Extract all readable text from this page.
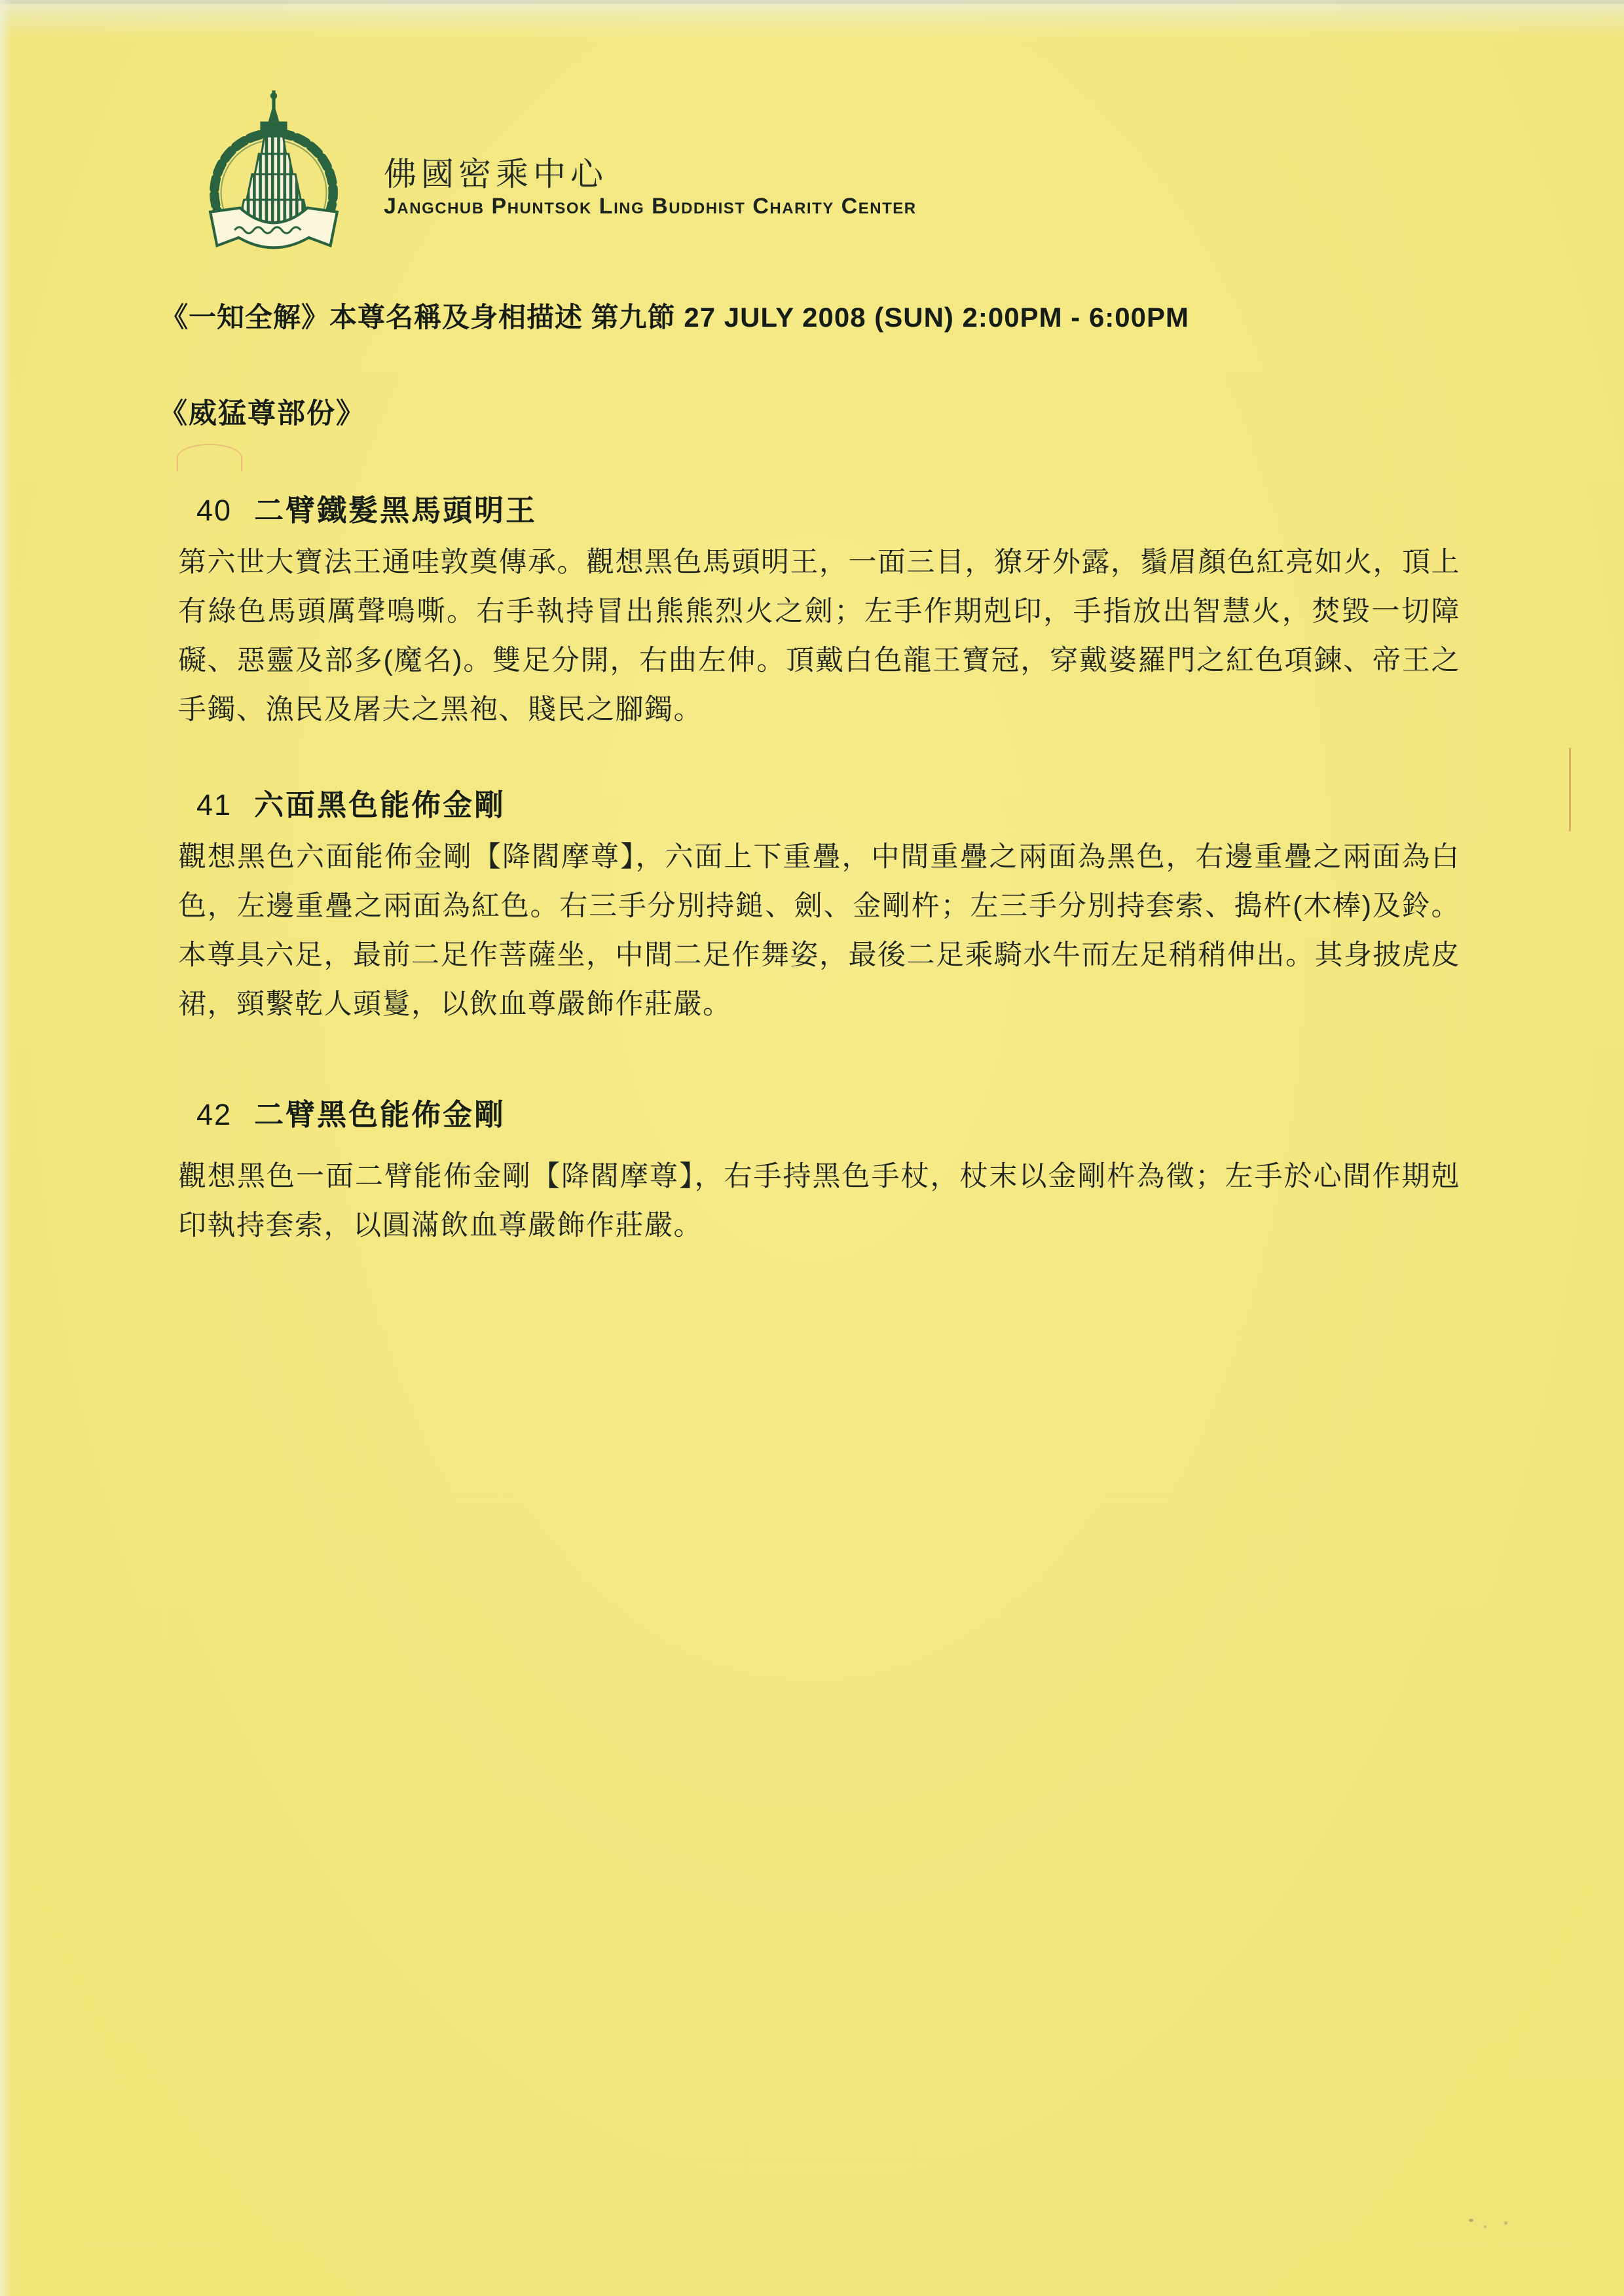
佛國密乘中心
Jangchub Phuntsok Ling Buddhist Charity Center
《一知全解》本尊名稱及身相描述 第九節 27 JULY 2008 (SUN) 2:00PM - 6:00PM
《威猛尊部份》
40 二臂鐵髮黑馬頭明王
第六世大寶法王通哇敦奠傳承。觀想黑色馬頭明王，一面三目，獠牙外露，鬚眉顏色紅亮如火，頂上有綠色馬頭厲聲鳴嘶。右手執持冒出熊熊烈火之劍；左手作期剋印，手指放出智慧火，焚毀一切障礙、惡靈及部多(魔名)。雙足分開，右曲左伸。頂戴白色龍王寶冠，穿戴婆羅門之紅色項鍊、帝王之手鐲、漁民及屠夫之黑袍、賤民之腳鐲。
41 六面黑色能佈金剛
觀想黑色六面能佈金剛【降閻摩尊】，六面上下重疊，中間重疊之兩面為黑色，右邊重疊之兩面為白色，左邊重疊之兩面為紅色。右三手分別持鎚、劍、金剛杵；左三手分別持套索、搗杵(木棒)及鈴。本尊具六足，最前二足作菩薩坐，中間二足作舞姿，最後二足乘騎水牛而左足稍稍伸出。其身披虎皮裙，頸繫乾人頭鬘，以飲血尊嚴飾作莊嚴。
42 二臂黑色能佈金剛
觀想黑色一面二臂能佈金剛【降閻摩尊】，右手持黑色手杖，杖末以金剛杵為徵；左手於心間作期剋印執持套索，以圓滿飲血尊嚴飾作莊嚴。
